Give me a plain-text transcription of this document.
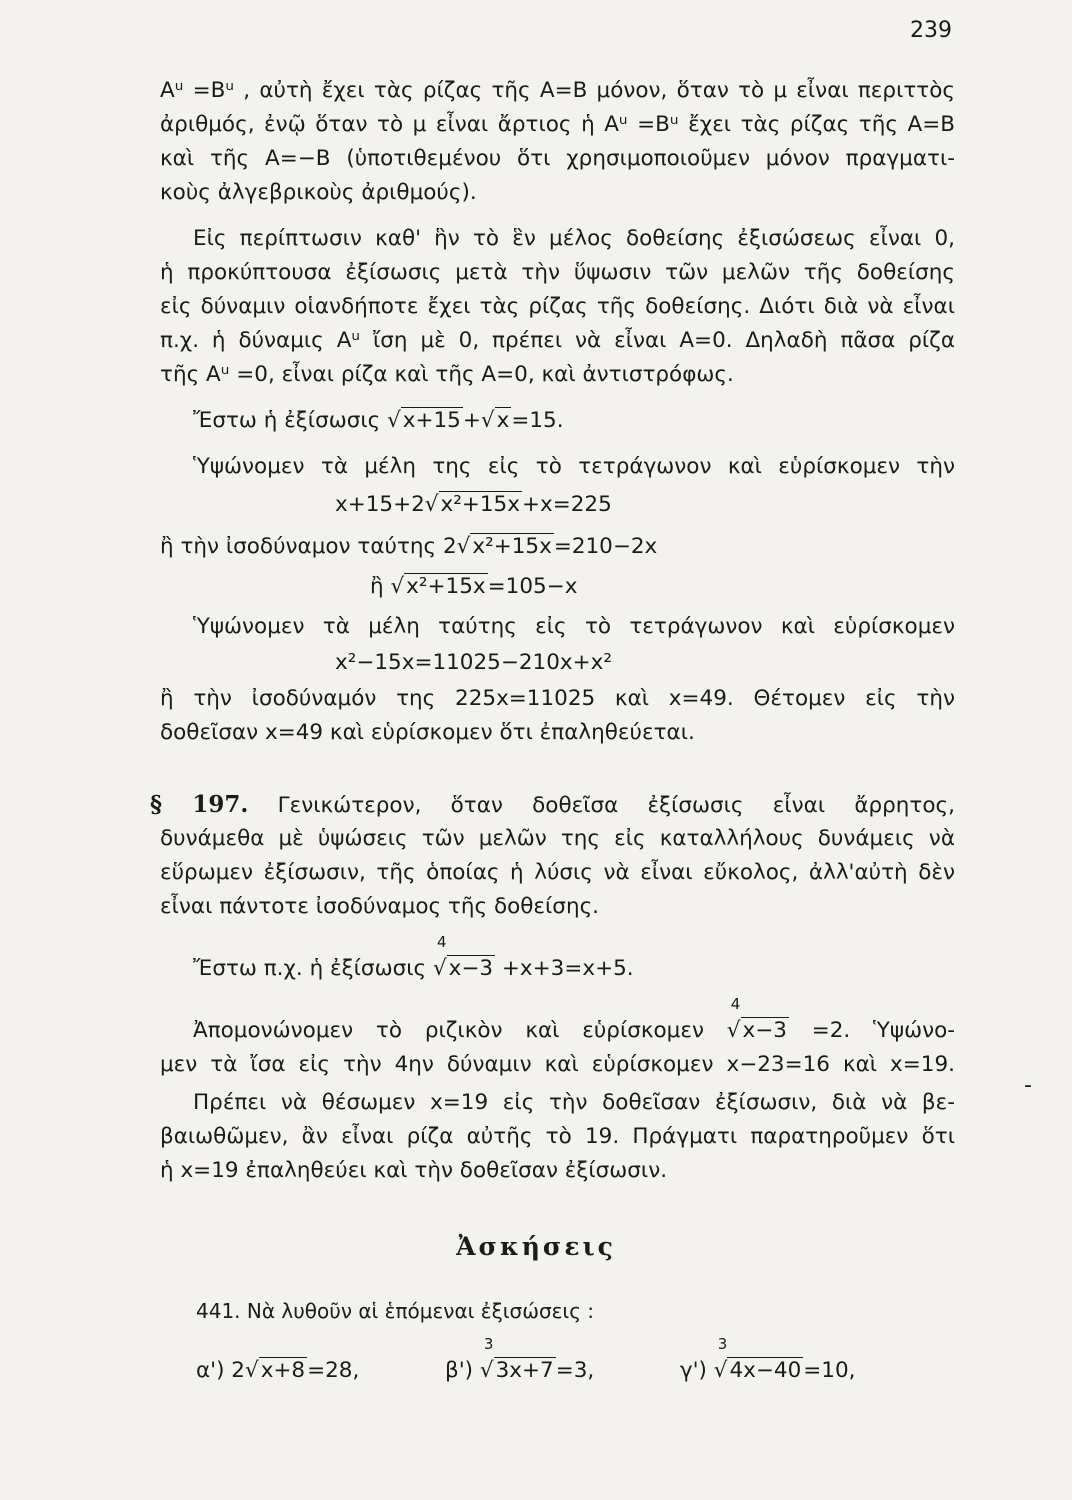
239
Aᵘ =Bᵘ , αὐτὴ ἔχει τὰς ρίζας τῆς A=B μόνον, ὅταν τὸ μ εἶναι περιττὸς
ἀριθμός, ἐνῷ ὅταν τὸ μ εἶναι ἄρτιος ἡ Aᵘ =Bᵘ ἔχει τὰς ρίζας τῆς A=B
καὶ τῆς A=−B (ὑποτιθεμένου ὅτι χρησιμοποιοῦμεν μόνον πραγματι-
κοὺς ἀλγεβρικοὺς ἀριθμούς).
Εἰς περίπτωσιν καθ' ἣν τὸ ἓν μέλος δοθείσης ἐξισώσεως εἶναι 0,
ἡ προκύπτουσα ἐξίσωσις μετὰ τὴν ὕψωσιν τῶν μελῶν τῆς δοθείσης
εἰς δύναμιν οἱανδήποτε ἔχει τὰς ρίζας τῆς δοθείσης. Διότι διὰ νὰ εἶναι
π.χ. ἡ δύναμις Aᵘ ἴση μὲ 0, πρέπει νὰ εἶναι A=0. Δηλαδὴ πᾶσα ρίζα
τῆς Aᵘ =0, εἶναι ρίζα καὶ τῆς A=0, καὶ ἀντιστρόφως.
Ἔστω ἡ ἐξίσωσις √x+15+√x=15.
Ὑψώνομεν τὰ μέλη της εἰς τὸ τετράγωνον καὶ εὑρίσκομεν τὴν
x+15+2√x²+15x+x=225
ἢ τὴν ἰσοδύναμον ταύτης 2√x²+15x=210−2x
ἢ √x²+15x=105−x
Ὑψώνομεν τὰ μέλη ταύτης εἰς τὸ τετράγωνον καὶ εὑρίσκομεν
x²−15x=11025−210x+x²
ἢ τὴν ἰσοδύναμόν της 225x=11025 καὶ x=49. Θέτομεν εἰς τὴν
δοθεῖσαν x=49 καὶ εὑρίσκομεν ὅτι ἐπαληθεύεται.
§ 197. Γενικώτερον, ὅταν δοθεῖσα ἐξίσωσις εἶναι ἄρρητος,
δυνάμεθα μὲ ὑψώσεις τῶν μελῶν της εἰς καταλλήλους δυνάμεις νὰ
εὕρωμεν ἐξίσωσιν, τῆς ὁποίας ἡ λύσις νὰ εἶναι εὔκολος, ἀλλ'αὐτὴ δὲν
εἶναι πάντοτε ἰσοδύναμος τῆς δοθείσης.
Ἔστω π.χ. ἡ ἐξίσωσις
4
√x−3 +x+3=x+5.
Ἀπομονώνομεν τὸ ριζικὸν καὶ εὑρίσκομεν
4
√x−3 =2. Ὑψώνο-
μεν τὰ ἴσα εἰς τὴν 4ην δύναμιν καὶ εὑρίσκομεν x−23=16 καὶ x=19.
Πρέπει νὰ θέσωμεν x=19 εἰς τὴν δοθεῖσαν ἐξίσωσιν, διὰ νὰ βε-
βαιωθῶμεν, ἂν εἶναι ρίζα αὐτῆς τὸ 19. Πράγματι παρατηροῦμεν ὅτι
ἡ x=19 ἐπαληθεύει καὶ τὴν δοθεῖσαν ἐξίσωσιν.
-
Ἀσκήσεις
441. Νὰ λυθοῦν αἱ ἑπόμεναι ἐξισώσεις :
α') 2√x+8=28,	β')
3
√3x+7=3,	γ')
3
√4x−40=10,
